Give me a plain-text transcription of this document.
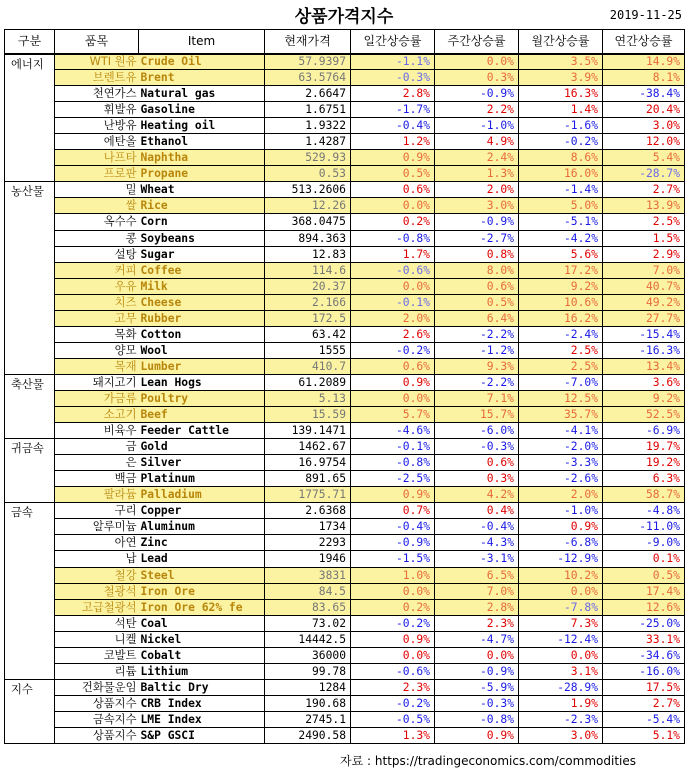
상품가격지수	2019-11-25
구분	품목	Item	현재가격	일간상승률	주간상승률	월간상승률	연간상승률
에너지	WTI 원유	Crude Oil	57.9397	-1.1%	0.0%	3.5%	14.9%
	브렌트유	Brent	63.5764	-0.3%	0.3%	3.9%	8.1%
	천연가스	Natural gas	2.6647	2.8%	-0.9%	16.3%	-38.4%
	휘발유	Gasoline	1.6751	-1.7%	2.2%	1.4%	20.4%
	난방유	Heating oil	1.9322	-0.4%	-1.0%	-1.6%	3.0%
	에탄올	Ethanol	1.4287	1.2%	4.9%	-0.2%	12.0%
	나프타	Naphtha	529.93	0.9%	2.4%	8.6%	5.4%
	프로판	Propane	0.53	0.5%	1.3%	16.0%	-28.7%
농산물	밀	Wheat	513.2606	0.6%	2.0%	-1.4%	2.7%
	쌀	Rice	12.26	0.0%	3.0%	5.0%	13.9%
	옥수수	Corn	368.0475	0.2%	-0.9%	-5.1%	2.5%
	콩	Soybeans	894.363	-0.8%	-2.7%	-4.2%	1.5%
	설탕	Sugar	12.83	1.7%	0.8%	5.6%	2.9%
	커피	Coffee	114.6	-0.6%	8.0%	17.2%	7.0%
	우유	Milk	20.37	0.0%	0.6%	9.2%	40.7%
	치즈	Cheese	2.166	-0.1%	0.5%	10.6%	49.2%
	고무	Rubber	172.5	2.0%	6.4%	16.2%	27.7%
	목화	Cotton	63.42	2.6%	-2.2%	-2.4%	-15.4%
	양모	Wool	1555	-0.2%	-1.2%	2.5%	-16.3%
	목재	Lumber	410.7	0.6%	9.3%	2.5%	13.4%
축산물	돼지고기	Lean Hogs	61.2089	0.9%	-2.2%	-7.0%	3.6%
	가금류	Poultry	5.13	0.0%	7.1%	12.5%	9.2%
	소고기	Beef	15.59	5.7%	15.7%	35.7%	52.5%
	비육우	Feeder Cattle	139.1471	-4.6%	-6.0%	-4.1%	-6.9%
귀금속	금	Gold	1462.67	-0.1%	-0.3%	-2.0%	19.7%
	은	Silver	16.9754	-0.8%	0.6%	-3.3%	19.2%
	백금	Platinum	891.65	-2.5%	0.3%	-2.6%	6.3%
	팔라듐	Palladium	1775.71	0.9%	4.2%	2.0%	58.7%
금속	구리	Copper	2.6368	0.7%	0.4%	-1.0%	-4.8%
	알루미늄	Aluminum	1734	-0.4%	-0.4%	0.9%	-11.0%
	아연	Zinc	2293	-0.9%	-4.3%	-6.8%	-9.0%
	납	Lead	1946	-1.5%	-3.1%	-12.9%	0.1%
	철강	Steel	3831	1.0%	6.5%	10.2%	0.5%
	철광석	Iron Ore	84.5	0.0%	7.0%	0.0%	17.4%
	고급철광석	Iron Ore 62% fe	83.65	0.2%	2.8%	-7.8%	12.6%
	석탄	Coal	73.02	-0.2%	2.3%	7.3%	-25.0%
	니켈	Nickel	14442.5	0.9%	-4.7%	-12.4%	33.1%
	코발트	Cobalt	36000	0.0%	0.0%	0.0%	-34.6%
	리튬	Lithium	99.78	-0.6%	-0.9%	3.1%	-16.0%
지수	건화물운임	Baltic Dry	1284	2.3%	-5.9%	-28.9%	17.5%
	상품지수	CRB Index	190.68	-0.2%	-0.3%	1.9%	2.7%
	금속지수	LME Index	2745.1	-0.5%	-0.8%	-2.3%	-5.4%
	상품지수	S&P GSCI	2490.58	1.3%	0.9%	3.0%	5.1%
자료 : https://tradingeconomics.com/commodities
